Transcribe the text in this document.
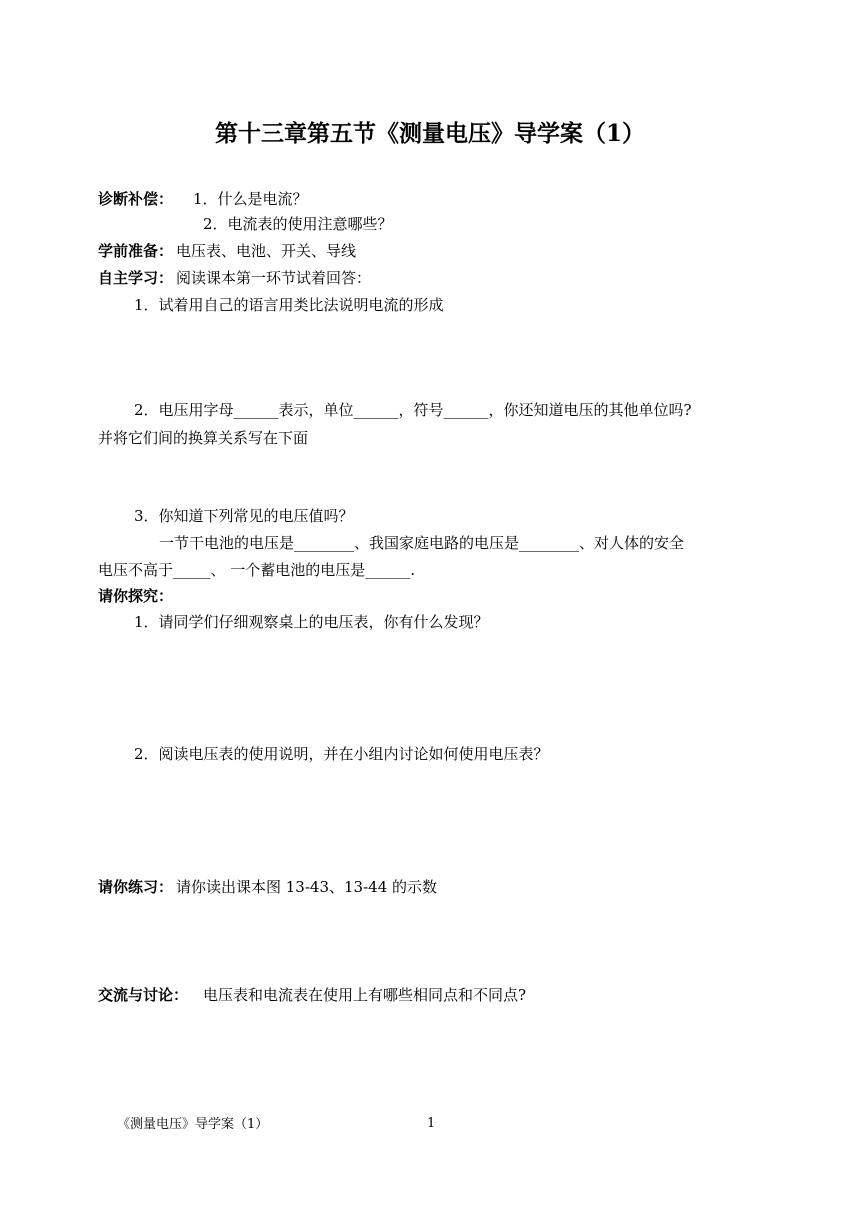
第十三章第五节《测量电压》导学案（1）
诊断补偿： 1．什么是电流？
2．电流表的使用注意哪些？
学前准备： 电压表、电池、开关、导线
自主学习： 阅读课本第一环节试着回答：
1．试着用自己的语言用类比法说明电流的形成
2．电压用字母______表示，单位______，符号______，你还知道电压的其他单位吗?
并将它们间的换算关系写在下面
3．你知道下列常见的电压值吗？
一节干电池的电压是________、我国家庭电路的电压是________、对人体的安全
电压不高于_____、 一个蓄电池的电压是______.
请你探究：
1．请同学们仔细观察桌上的电压表，你有什么发现？
2．阅读电压表的使用说明，并在小组内讨论如何使用电压表？
请你练习： 请你读出课本图 13-43、13-44 的示数
交流与讨论： 电压表和电流表在使用上有哪些相同点和不同点?
《测量电压》导学案（1）	1
